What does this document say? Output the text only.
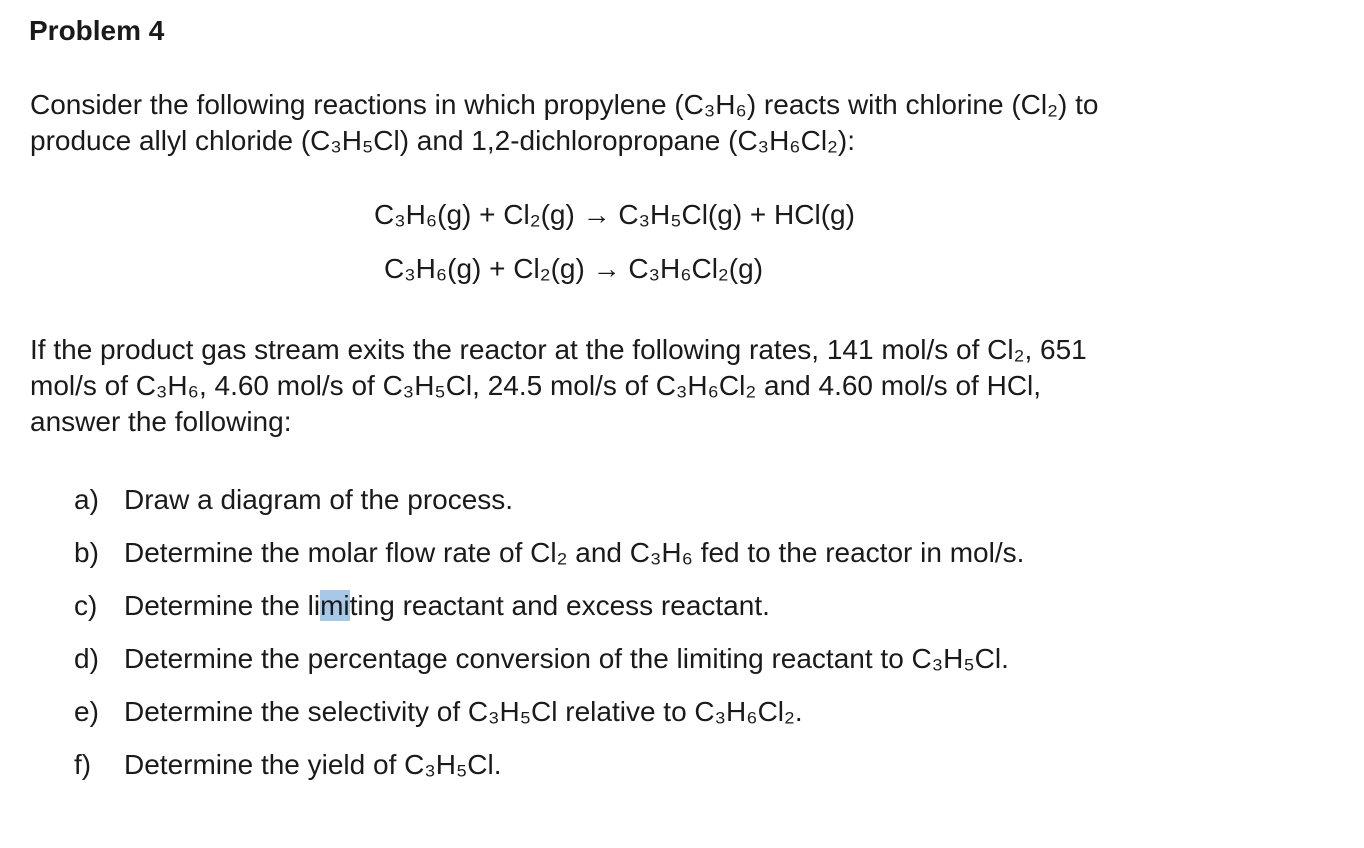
Problem 4

Consider the following reactions in which propylene (C₃H₆) reacts with chlorine (Cl₂) to
produce allyl chloride (C₃H₅Cl) and 1,2-dichloropropane (C₃H₆Cl₂):

C₃H₆(g) + Cl₂(g) → C₃H₅Cl(g) + HCl(g)
C₃H₆(g) + Cl₂(g) → C₃H₆Cl₂(g)

If the product gas stream exits the reactor at the following rates, 141 mol/s of Cl₂, 651
mol/s of C₃H₆, 4.60 mol/s of C₃H₅Cl, 24.5 mol/s of C₃H₆Cl₂ and 4.60 mol/s of HCl,
answer the following:

a) Draw a diagram of the process.
b) Determine the molar flow rate of Cl₂ and C₃H₆ fed to the reactor in mol/s.
c) Determine the limiting reactant and excess reactant.
d) Determine the percentage conversion of the limiting reactant to C₃H₅Cl.
e) Determine the selectivity of C₃H₅Cl relative to C₃H₆Cl₂.
f)	Determine the yield of C₃H₅Cl.
